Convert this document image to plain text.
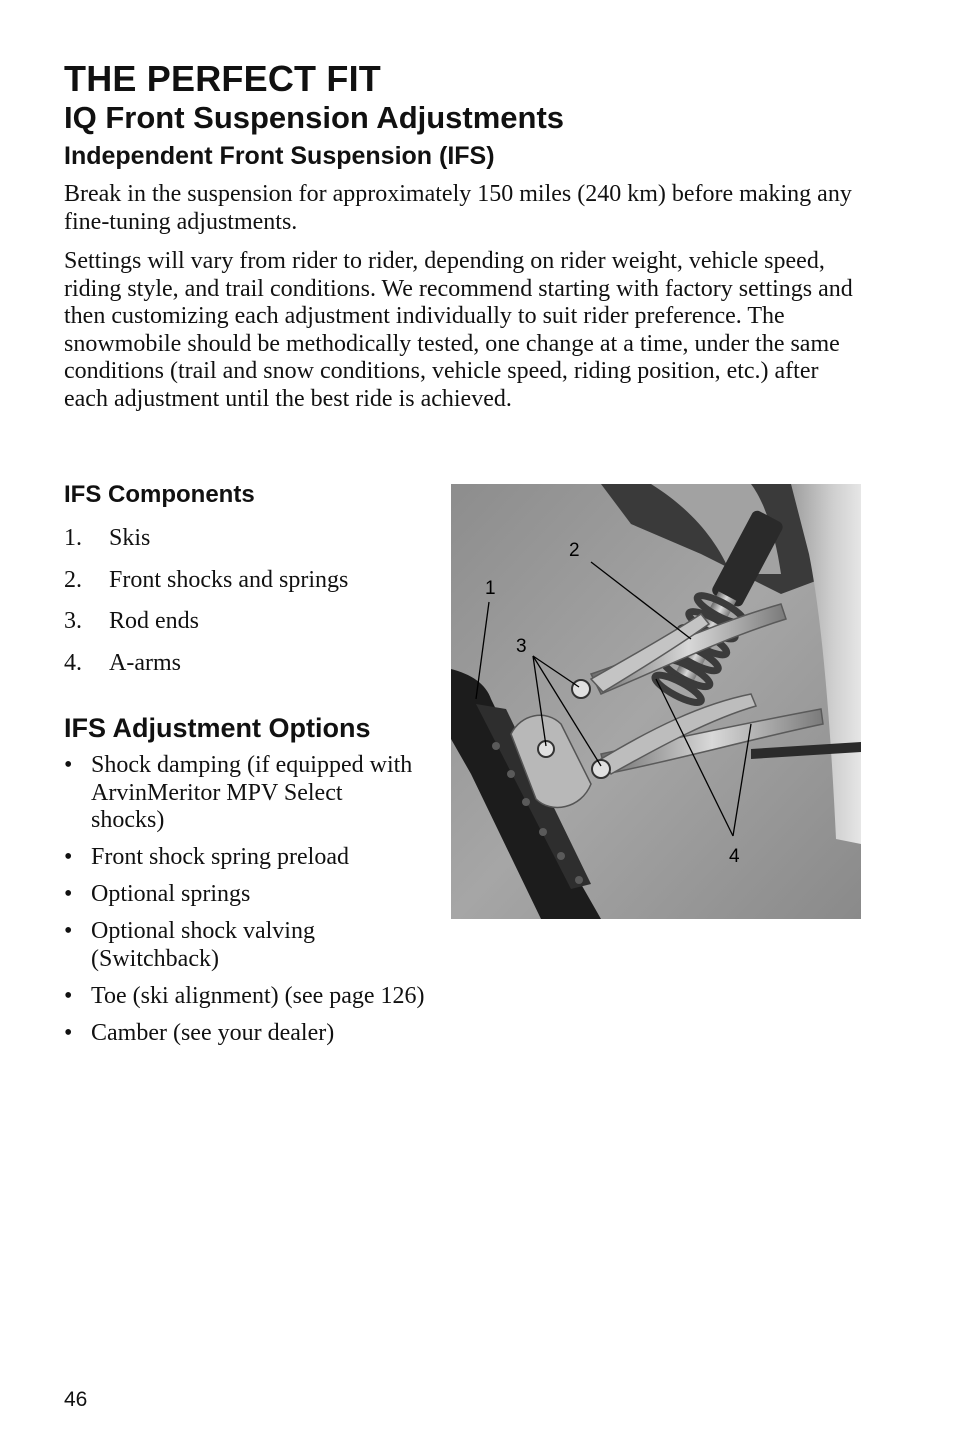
THE PERFECT FIT
IQ Front Suspension Adjustments
Independent Front Suspension (IFS)

Break in the suspension for approximately 150 miles (240 km) before making any fine-tuning adjustments.

Settings will vary from rider to rider, depending on rider weight, vehicle speed, riding style, and trail conditions. We recommend starting with factory settings and then customizing each adjustment individually to suit rider preference. The snowmobile should be methodically tested, one change at a time, under the same conditions (trail and snow conditions, vehicle speed, riding position, etc.) after each adjustment until the best ride is achieved.

IFS Components
1.	Skis
2.	Front shocks and springs
3.	Rod ends
4.	A-arms
IFS Adjustment Options
• Shock damping (if equipped with ArvinMeritor MPV Select shocks)
• Front shock spring preload
• Optional springs
• Optional shock valving (Switchback)
• Toe (ski alignment) (see page 126)
• Camber (see your dealer)
1
2
3
4

46
